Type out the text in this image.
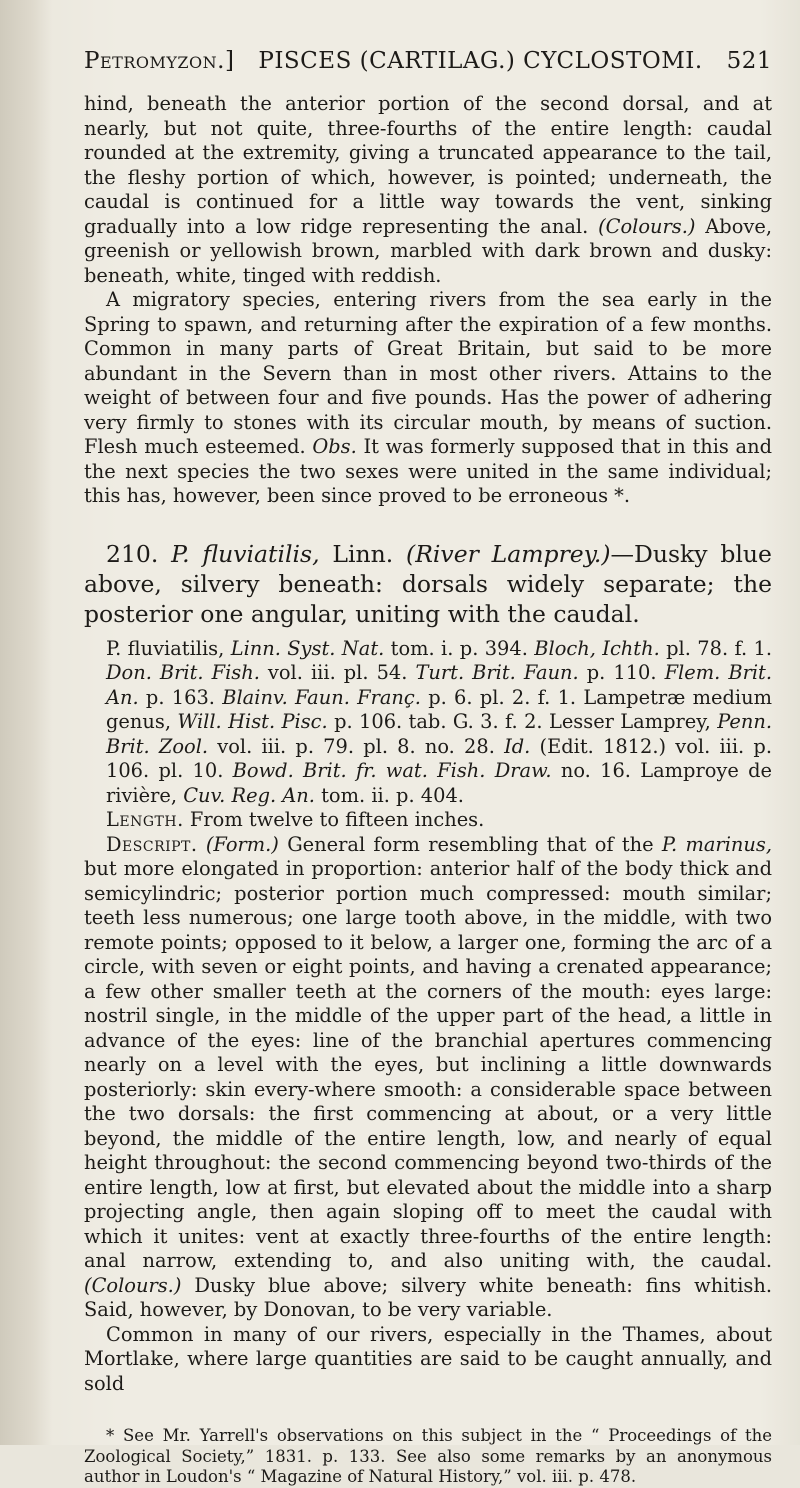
Petromyzon.] PISCES (CARTILAG.) CYCLOSTOMI. 521

hind, beneath the anterior portion of the second dorsal, and at nearly, but not quite, three-fourths of the entire length: caudal rounded at the extremity, giving a truncated appearance to the tail, the fleshy portion of which, however, is pointed; underneath, the caudal is continued for a little way towards the vent, sinking gradually into a low ridge representing the anal. (Colours.) Above, greenish or yellowish brown, marbled with dark brown and dusky: beneath, white, tinged with reddish.

A migratory species, entering rivers from the sea early in the Spring to spawn, and returning after the expiration of a few months. Common in many parts of Great Britain, but said to be more abundant in the Severn than in most other rivers. Attains to the weight of between four and five pounds. Has the power of adhering very firmly to stones with its circular mouth, by means of suction. Flesh much esteemed. Obs. It was formerly supposed that in this and the next species the two sexes were united in the same individual; this has, however, been since proved to be erroneous *.

210. P. fluviatilis, Linn. (River Lamprey.)—Dusky blue above, silvery beneath: dorsals widely separate; the posterior one angular, uniting with the caudal.

P. fluviatilis, Linn. Syst. Nat. tom. i. p. 394. Bloch, Ichth. pl. 78. f. 1. Don. Brit. Fish. vol. iii. pl. 54. Turt. Brit. Faun. p. 110. Flem. Brit. An. p. 163. Blainv. Faun. Franç. p. 6. pl. 2. f. 1. Lampetræ medium genus, Will. Hist. Pisc. p. 106. tab. G. 3. f. 2. Lesser Lamprey, Penn. Brit. Zool. vol. iii. p. 79. pl. 8. no. 28. Id. (Edit. 1812.) vol. iii. p. 106. pl. 10. Bowd. Brit. fr. wat. Fish. Draw. no. 16. Lamproye de rivière, Cuv. Reg. An. tom. ii. p. 404.

Length. From twelve to fifteen inches.

Descript. (Form.) General form resembling that of the P. marinus, but more elongated in proportion: anterior half of the body thick and semicylindric; posterior portion much compressed: mouth similar; teeth less numerous; one large tooth above, in the middle, with two remote points; opposed to it below, a larger one, forming the arc of a circle, with seven or eight points, and having a crenated appearance; a few other smaller teeth at the corners of the mouth: eyes large: nostril single, in the middle of the upper part of the head, a little in advance of the eyes: line of the branchial apertures commencing nearly on a level with the eyes, but inclining a little downwards posteriorly: skin every-where smooth: a considerable space between the two dorsals: the first commencing at about, or a very little beyond, the middle of the entire length, low, and nearly of equal height throughout: the second commencing beyond two-thirds of the entire length, low at first, but elevated about the middle into a sharp projecting angle, then again sloping off to meet the caudal with which it unites: vent at exactly three-fourths of the entire length: anal narrow, extending to, and also uniting with, the caudal. (Colours.) Dusky blue above; silvery white beneath: fins whitish. Said, however, by Donovan, to be very variable.

Common in many of our rivers, especially in the Thames, about Mortlake, where large quantities are said to be caught annually, and sold

* See Mr. Yarrell's observations on this subject in the “ Proceedings of the Zoological Society,” 1831. p. 133. See also some remarks by an anonymous author in Loudon's “ Magazine of Natural History,” vol. iii. p. 478.
